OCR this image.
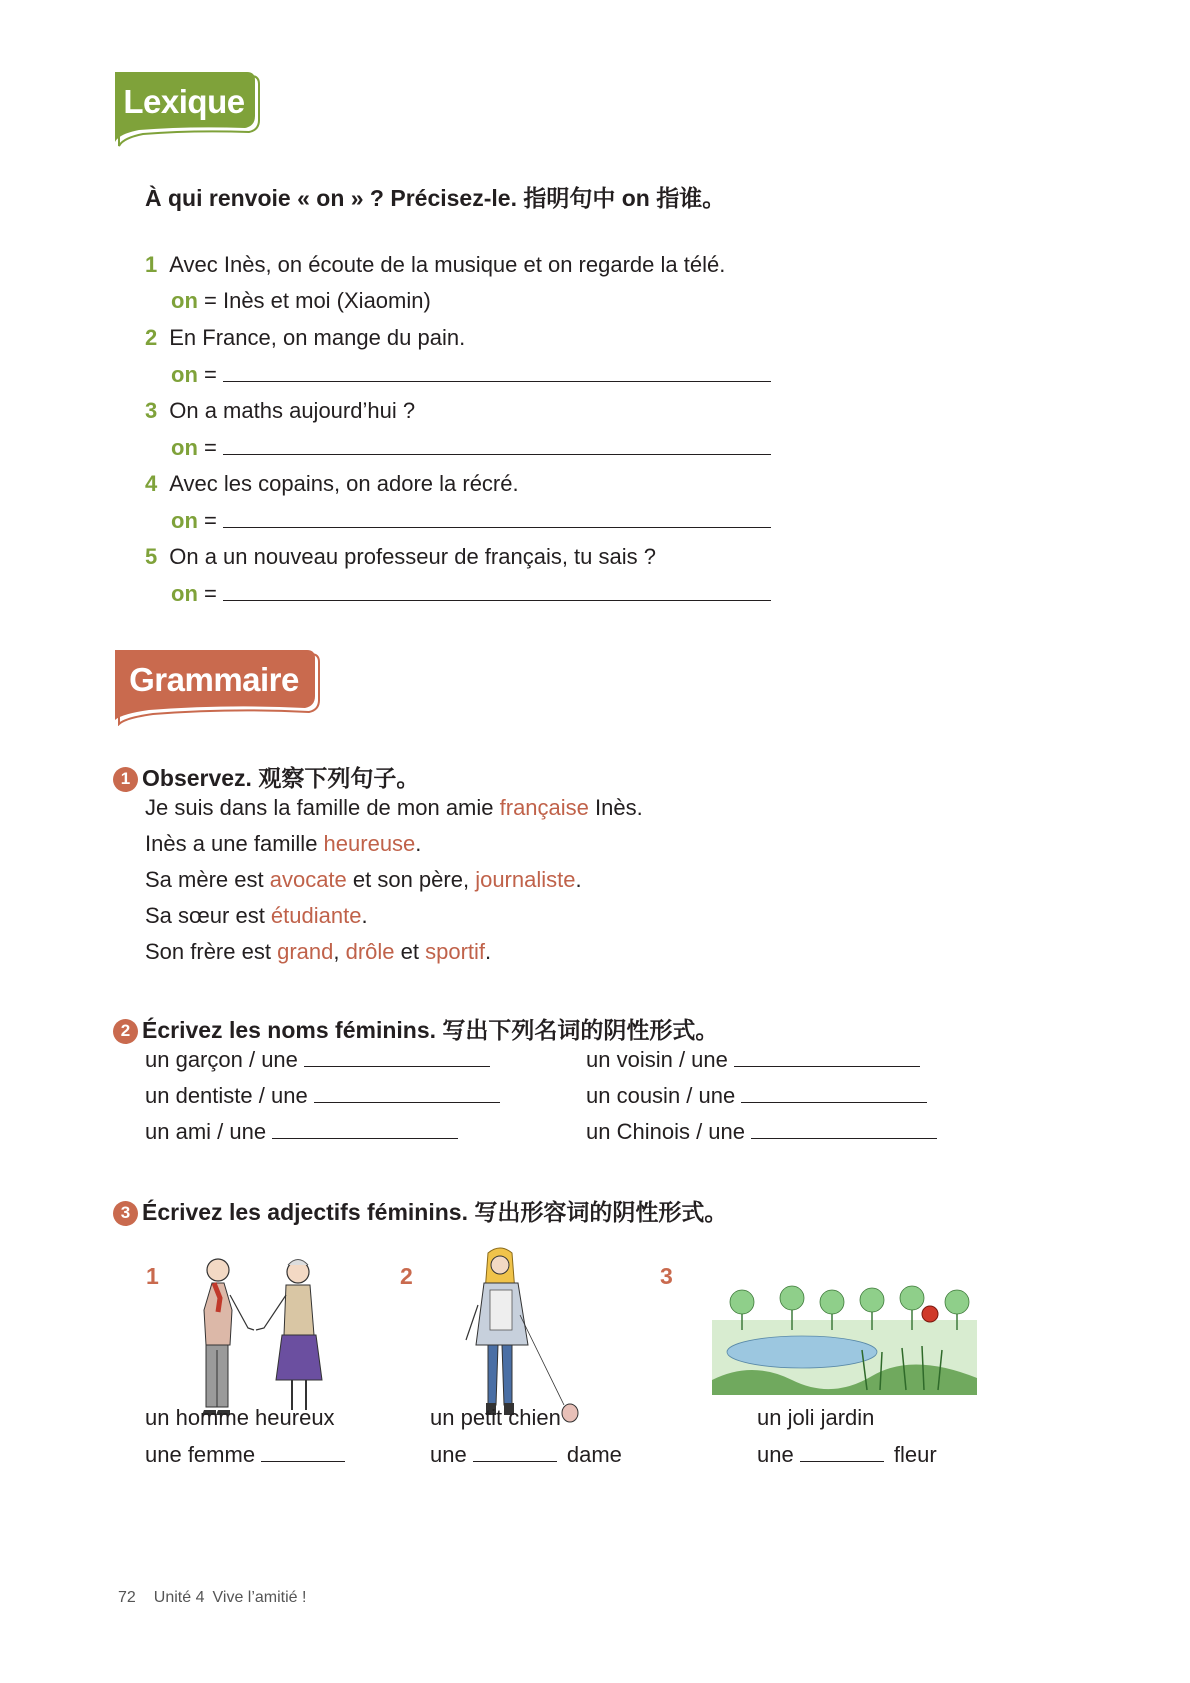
Lexique
À qui renvoie « on » ? Précisez-le. 指明句中 on 指谁。
1 Avec Inès, on écoute de la musique et on regarde la télé.
on = Inès et moi (Xiaomin)
2 En France, on mange du pain.
on =
3 On a maths aujourd’hui ?
on =
4 Avec les copains, on adore la récré.
on =
5 On a un nouveau professeur de français, tu sais ?
on =
Grammaire
1 Observez. 观察下列句子。
Je suis dans la famille de mon amie française Inès.
Inès a une famille heureuse.
Sa mère est avocate et son père, journaliste.
Sa sœur est étudiante.
Son frère est grand, drôle et sportif.
2 Écrivez les noms féminins. 写出下列名词的阴性形式。
un garçon / une
un dentiste / une
un ami / une
un voisin / une
un cousin / une
un Chinois / une
3 Écrivez les adjectifs féminins. 写出形容词的阴性形式。
1
un homme heureux
une femme
2
un petit chien
une	dame
3
un joli jardin
une	fleur
72 Unité 4 Vive l’amitié !
